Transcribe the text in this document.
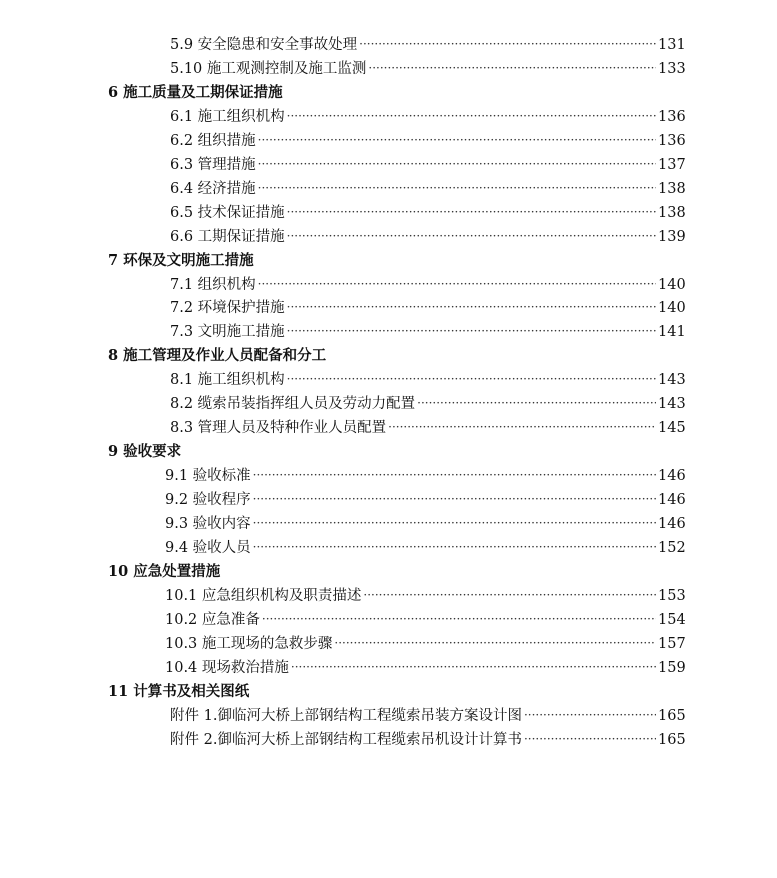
5.9 安全隐患和安全事故处理 ·····	131
5.10 施工观测控制及施工监测 ·····	133
6 施工质量及工期保证措施
6.1 施工组织机构 ·····	136
6.2 组织措施 ·····	136
6.3 管理措施 ·····	137
6.4 经济措施 ·····	138
6.5 技术保证措施 ·····	138
6.6 工期保证措施 ·····	139
7 环保及文明施工措施
7.1 组织机构 ·····	140
7.2 环境保护措施 ·····	140
7.3 文明施工措施 ·····	141
8 施工管理及作业人员配备和分工
8.1 施工组织机构 ·····	143
8.2 缆索吊装指挥组人员及劳动力配置 ·····	143
8.3 管理人员及特种作业人员配置 ·····	145
9 验收要求
9.1 验收标准 ·····	146
9.2 验收程序 ·····	146
9.3 验收内容 ·····	146
9.4 验收人员 ·····	152
10 应急处置措施
10.1 应急组织机构及职责描述 ·····	153
10.2 应急准备 ·····	154
10.3 施工现场的急救步骤 ·····	157
10.4 现场救治措施 ·····	159
11 计算书及相关图纸
附件 1.御临河大桥上部钢结构工程缆索吊装方案设计图 ·····	165
附件 2.御临河大桥上部钢结构工程缆索吊机设计计算书 ·····	165
